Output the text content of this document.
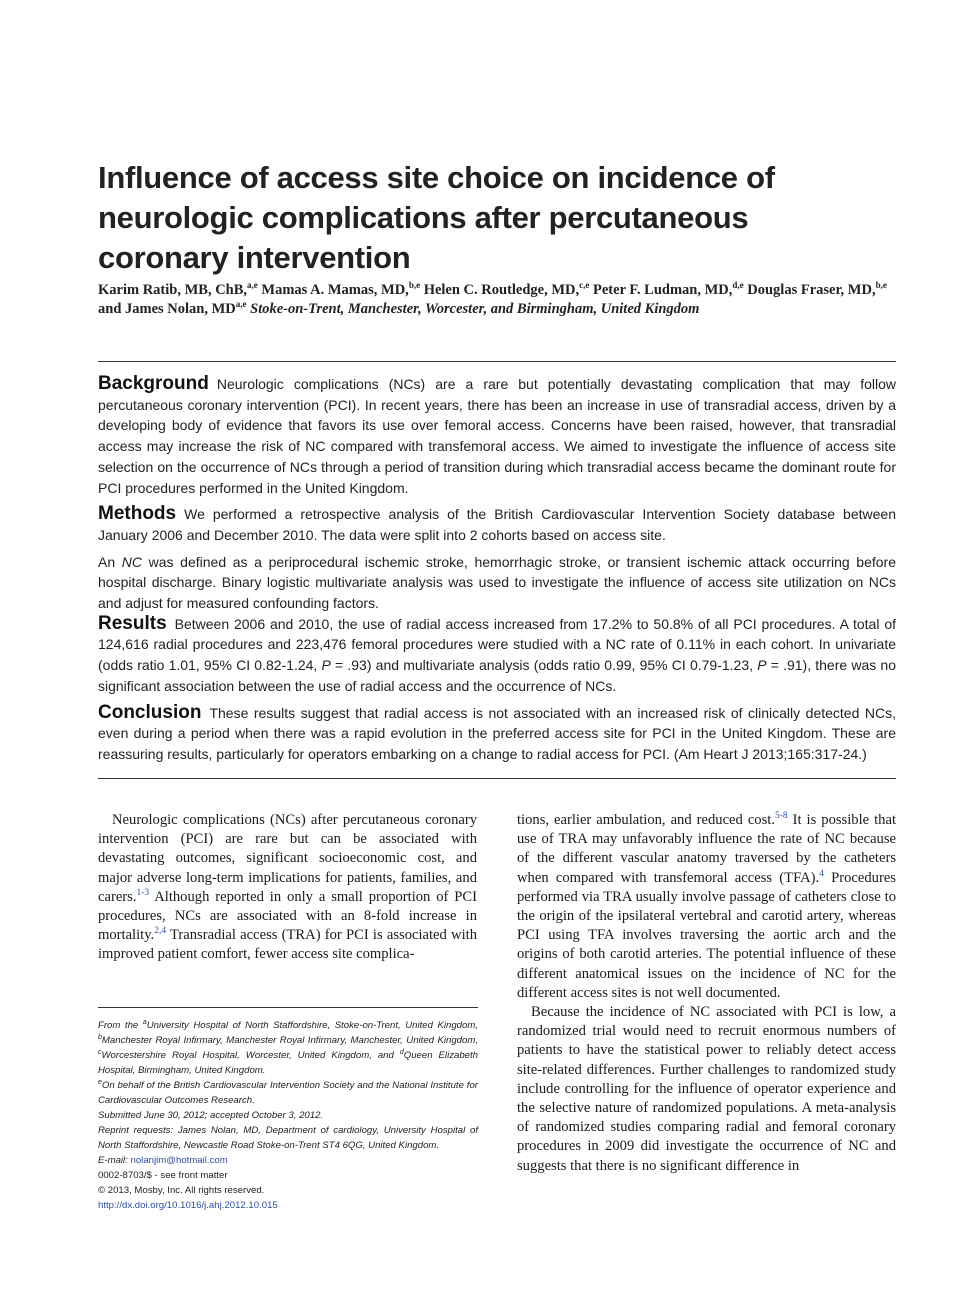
Influence of access site choice on incidence of neurologic complications after percutaneous coronary intervention
Karim Ratib, MB, ChB,$^{a,e}$ Mamas A. Mamas, MD,$^{b,e}$ Helen C. Routledge, MD,$^{c,e}$ Peter F. Ludman, MD,$^{d,e}$ Douglas Fraser, MD,$^{b,e}$ and James Nolan, MD$^{a,e}$ Stoke-on-Trent, Manchester, Worcester, and Birmingham, United Kingdom

Background Neurologic complications (NCs) are a rare but potentially devastating complication that may follow percutaneous coronary intervention (PCI). In recent years, there has been an increase in use of transradial access, driven by a developing body of evidence that favors its use over femoral access. Concerns have been raised, however, that transradial access may increase the risk of NC compared with transfemoral access. We aimed to investigate the influence of access site selection on the occurrence of NCs through a period of transition during which transradial access became the dominant route for PCI procedures performed in the United Kingdom.

Methods We performed a retrospective analysis of the British Cardiovascular Intervention Society database between January 2006 and December 2010. The data were split into 2 cohorts based on access site.

An NC was defined as a periprocedural ischemic stroke, hemorrhagic stroke, or transient ischemic attack occurring before hospital discharge. Binary logistic multivariate analysis was used to investigate the influence of access site utilization on NCs and adjust for measured confounding factors.

Results Between 2006 and 2010, the use of radial access increased from 17.2% to 50.8% of all PCI procedures. A total of 124,616 radial procedures and 223,476 femoral procedures were studied with a NC rate of 0.11% in each cohort. In univariate (odds ratio 1.01, 95% CI 0.82-1.24, P = .93) and multivariate analysis (odds ratio 0.99, 95% CI 0.79-1.23, P = .91), there was no significant association between the use of radial access and the occurrence of NCs.

Conclusion These results suggest that radial access is not associated with an increased risk of clinically detected NCs, even during a period when there was a rapid evolution in the preferred access site for PCI in the United Kingdom. These are reassuring results, particularly for operators embarking on a change to radial access for PCI. (Am Heart J 2013;165:317-24.)

Neurologic complications (NCs) after percutaneous coronary intervention (PCI) are rare but can be associated with devastating outcomes, significant socioeconomic cost, and major adverse long-term implications for patients, families, and carers.$^{1-3}$ Although reported in only a small proportion of PCI procedures, NCs are associated with an 8-fold increase in mortality.$^{2,4}$ Transradial access (TRA) for PCI is associated with improved patient comfort, fewer access site complica-

From the $^a$University Hospital of North Staffordshire, Stoke-on-Trent, United Kingdom, $^b$Manchester Royal Infirmary, Manchester Royal Infirmary, Manchester, United Kingdom, $^c$Worcestershire Royal Hospital, Worcester, United Kingdom, and $^d$Queen Elizabeth Hospital, Birmingham, United Kingdom.

$^e$On behalf of the British Cardiovascular Intervention Society and the National Institute for Cardiovascular Outcomes Research.

Submitted June 30, 2012; accepted October 3, 2012.

Reprint requests: James Nolan, MD, Department of cardiology, University Hospital of North Staffordshire, Newcastle Road Stoke-on-Trent ST4 6QG, United Kingdom.

E-mail: nolanjim@hotmail.com

0002-8703/$ - see front matter

© 2013, Mosby, Inc. All rights reserved.

http://dx.doi.org/10.1016/j.ahj.2012.10.015

tions, earlier ambulation, and reduced cost.$^{5-8}$ It is possible that use of TRA may unfavorably influence the rate of NC because of the different vascular anatomy traversed by the catheters when compared with transfemoral access (TFA).$^4$ Procedures performed via TRA usually involve passage of catheters close to the origin of the ipsilateral vertebral and carotid artery, whereas PCI using TFA involves traversing the aortic arch and the origins of both carotid arteries. The potential influence of these different anatomical issues on the incidence of NC for the different access sites is not well documented.

Because the incidence of NC associated with PCI is low, a randomized trial would need to recruit enormous numbers of patients to have the statistical power to reliably detect access site-related differences. Further challenges to randomized study include controlling for the influence of operator experience and the selective nature of randomized populations. A meta-analysis of randomized studies comparing radial and femoral coronary procedures in 2009 did investigate the occurrence of NC and suggests that there is no significant difference in
